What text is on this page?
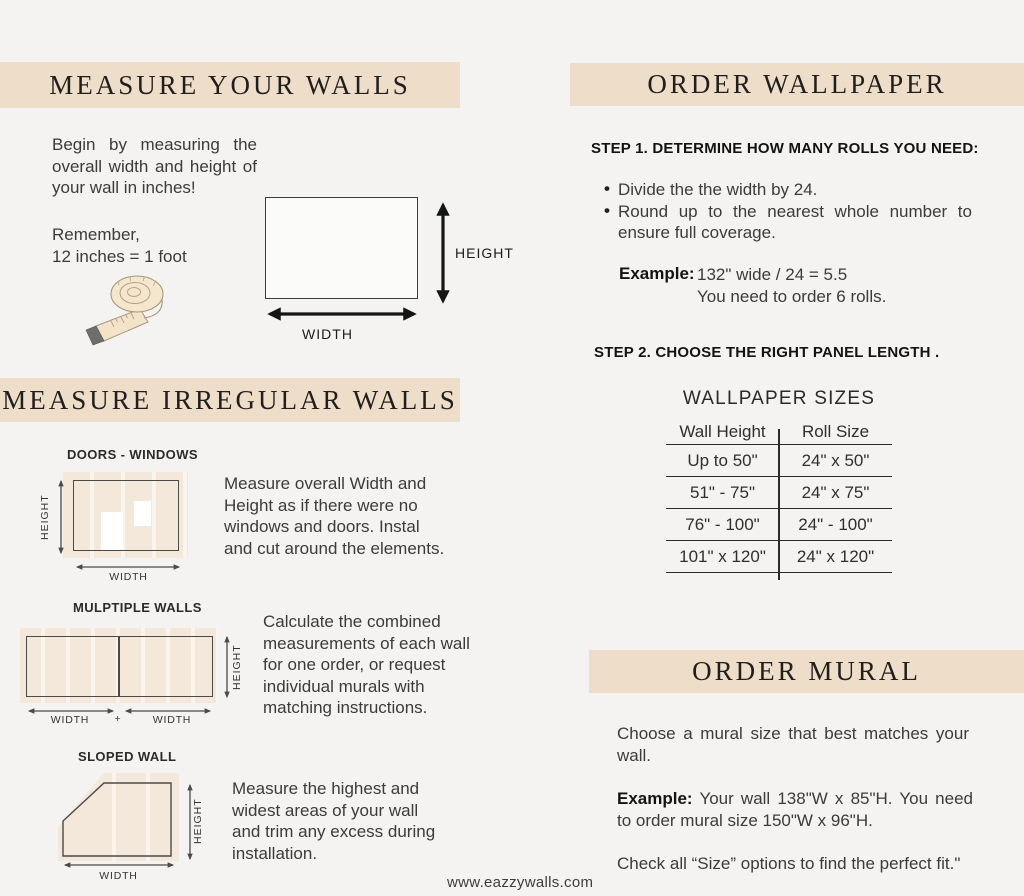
MEASURE YOUR WALLS
Begin by measuring the overall width and height of your wall in inches!
Remember,
12 inches = 1 foot	HEIGHT
WIDTH
MEASURE IRREGULAR WALLS
DOORS - WINDOWS
HEIGHT
WIDTH
Measure overall Width and Height as if there were no windows and doors. Instal and cut around the elements.
MULPTIPLE WALLS
WIDTH	+	WIDTH
HEIGHT
Calculate the combined measurements of each wall for one order, or request individual murals with matching instructions.
SLOPED WALL
HEIGHT
WIDTH
Measure the highest and widest areas of your wall and trim any excess during installation.
ORDER WALLPAPER
STEP 1. DETERMINE HOW MANY ROLLS YOU NEED:
• Divide the the width by 24.
• Round up to the nearest whole number to ensure full coverage.
Example: 132" wide / 24 = 5.5
You need to order 6 rolls.
STEP 2. CHOOSE THE RIGHT PANEL LENGTH .
WALLPAPER SIZES
Wall Height	Roll Size
Up to 50"	24" x 50"
51" - 75"	24" x 75"
76" - 100"	24" - 100"
101" x 120"	24" x 120"
ORDER MURAL
Choose a mural size that best matches your wall.

Example: Your wall 138"W x 85"H. You need to order mural size 150"W x 96"H.

Check all “Size” options to find the perfect fit."
www.eazzywalls.com
